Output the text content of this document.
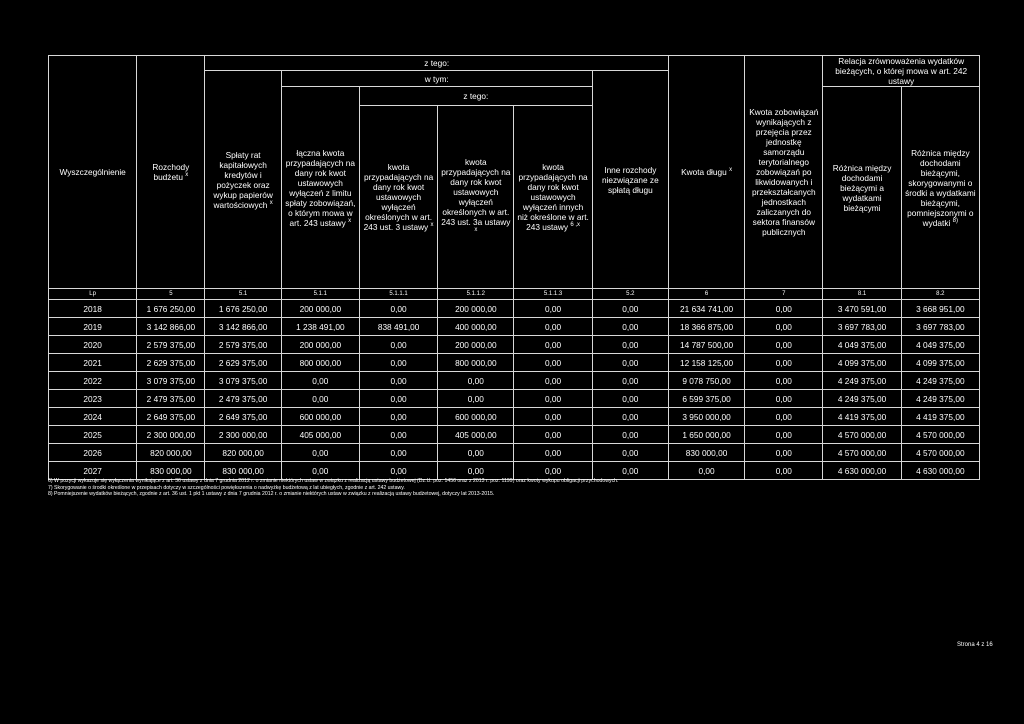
Wyszczególnienie	Rozchody budżetu $^x$	z tego:						Kwota długu $^x$	Kwota zobowiązań wynikających z przejęcia przez jednostkę samorządu terytorialnego zobowiązań po likwidowanych i przekształcanych jednostkach zaliczanych do sektora finansów publicznych	Relacja zrównoważenia wydatków bieżących, o której mowa w art. 242 ustawy	
		Spłaty rat kapitałowych kredytów i pożyczek oraz wykup papierów wartościowych $^x$	w tym:				Inne rozchody niezwiązane ze spłatą długu				
			łączna kwota przypadających na dany rok kwot ustawowych wyłączeń z limitu spłaty zobowiązań, o którym mowa w art. 243 ustawy $^x$	z tego:						Różnica między dochodami bieżącymi a wydatkami bieżącymi	Różnica między dochodami bieżącymi, skorygowanymi o środki a wydatkami bieżącymi, pomniejszonymi o wydatki $^{8)}$
				kwota przypadających na dany rok kwot ustawowych wyłączeń określonych w art. 243 ust. 3 ustawy $^x$	kwota przypadających na dany rok kwot ustawowych wyłączeń określonych w art. 243 ust. 3a ustawy $^x$	kwota przypadających na dany rok kwot ustawowych wyłączeń innych niż określone w art. 243 ustawy $^{6 ,x}$
Lp	5	5.1	5.1.1	5.1.1.1	5.1.1.2	5.1.1.3	5.2	6	7	8.1	8.2
2018	1 676 250,00	1 676 250,00	200 000,00	0,00	200 000,00	0,00	0,00	21 634 741,00	0,00	3 470 591,00	3 668 951,00
2019	3 142 866,00	3 142 866,00	1 238 491,00	838 491,00	400 000,00	0,00	0,00	18 366 875,00	0,00	3 697 783,00	3 697 783,00
2020	2 579 375,00	2 579 375,00	200 000,00	0,00	200 000,00	0,00	0,00	14 787 500,00	0,00	4 049 375,00	4 049 375,00
2021	2 629 375,00	2 629 375,00	800 000,00	0,00	800 000,00	0,00	0,00	12 158 125,00	0,00	4 099 375,00	4 099 375,00
2022	3 079 375,00	3 079 375,00	0,00	0,00	0,00	0,00	0,00	9 078 750,00	0,00	4 249 375,00	4 249 375,00
2023	2 479 375,00	2 479 375,00	0,00	0,00	0,00	0,00	0,00	6 599 375,00	0,00	4 249 375,00	4 249 375,00
2024	2 649 375,00	2 649 375,00	600 000,00	0,00	600 000,00	0,00	0,00	3 950 000,00	0,00	4 419 375,00	4 419 375,00
2025	2 300 000,00	2 300 000,00	405 000,00	0,00	405 000,00	0,00	0,00	1 650 000,00	0,00	4 570 000,00	4 570 000,00
2026	820 000,00	820 000,00	0,00	0,00	0,00	0,00	0,00	830 000,00	0,00	4 570 000,00	4 570 000,00
2027	830 000,00	830 000,00	0,00	0,00	0,00	0,00	0,00	0,00	0,00	4 630 000,00	4 630 000,00
6) W pozycji wykazuje się wyłączenia wynikające z art. 36 ustawy z dnia 7 grudnia 2012 r. o zmianie niektórych ustaw w związku z realizacją ustawy budżetowej (Dz.U. poz. 1456 oraz z 2013 r. poz. 1199) oraz kwoty wykupu obligacji przychodowych.
7) Skorygowanie o środki określone w przepisach dotyczy w szczególności powiększenia o nadwyżkę budżetową z lat ubiegłych, zgodnie z art. 242 ustawy.
8) Pomniejszenie wydatków bieżących, zgodnie z art. 36 ust. 1 pkt 1 ustawy z dnia 7 grudnia 2012 r. o zmianie niektórych ustaw w związku z realizacją ustawy budżetowej, dotyczy lat 2013-2015.
Strona 4 z 16
